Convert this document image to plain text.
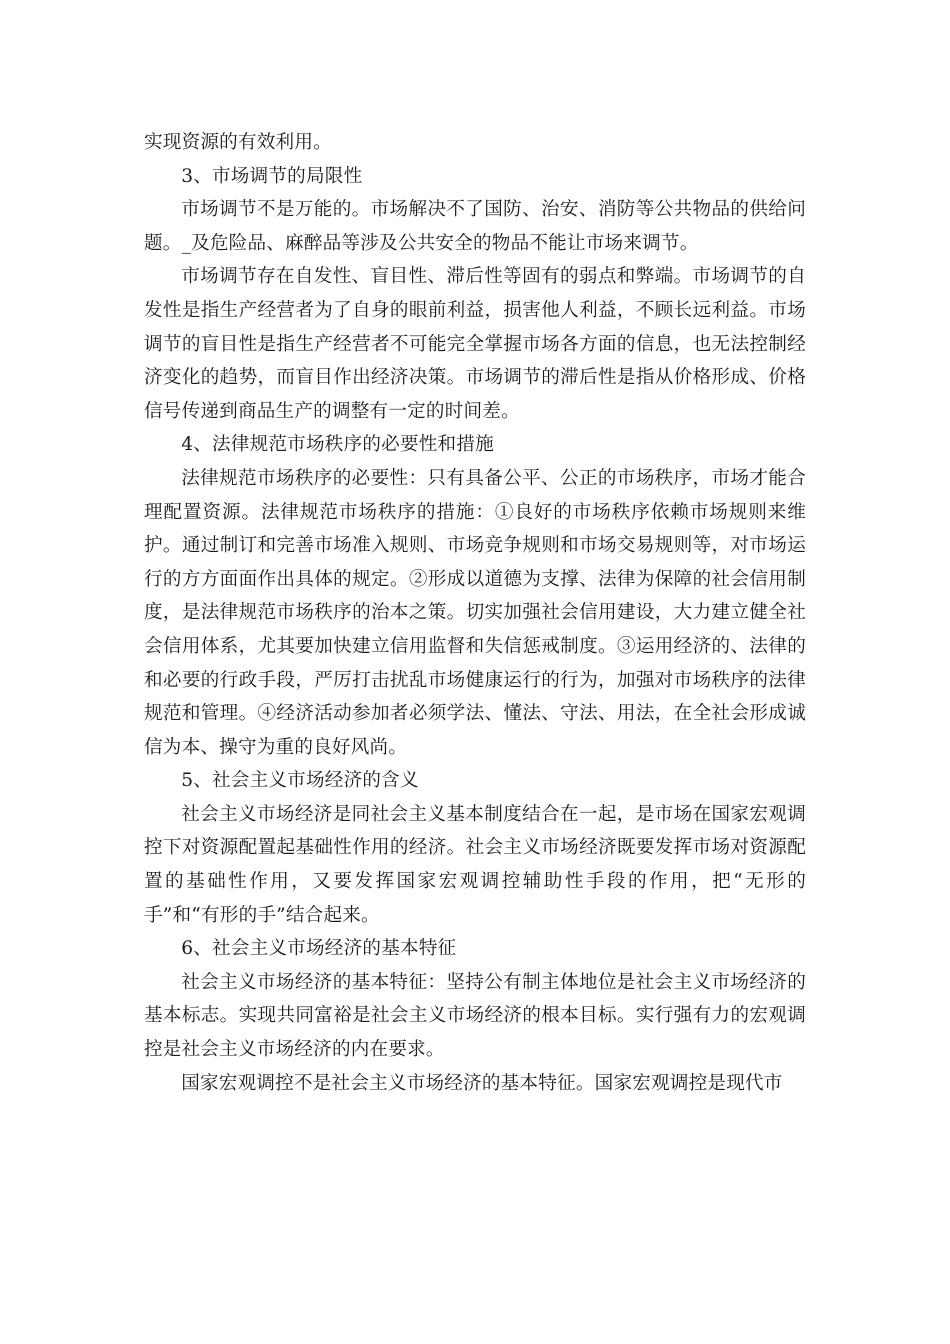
实现资源的有效利用。

3、市场调节的局限性

市场调节不是万能的。市场解决不了国防、治安、消防等公共物品的供给问题。_及危险品、麻醉品等涉及公共安全的物品不能让市场来调节。

市场调节存在自发性、盲目性、滞后性等固有的弱点和弊端。市场调节的自发性是指生产经营者为了自身的眼前利益，损害他人利益，不顾长远利益。市场调节的盲目性是指生产经营者不可能完全掌握市场各方面的信息，也无法控制经济变化的趋势，而盲目作出经济决策。市场调节的滞后性是指从价格形成、价格信号传递到商品生产的调整有一定的时间差。

4、法律规范市场秩序的必要性和措施

法律规范市场秩序的必要性：只有具备公平、公正的市场秩序，市场才能合理配置资源。法律规范市场秩序的措施：①良好的市场秩序依赖市场规则来维护。通过制订和完善市场准入规则、市场竞争规则和市场交易规则等，对市场运行的方方面面作出具体的规定。②形成以道德为支撑、法律为保障的社会信用制度，是法律规范市场秩序的治本之策。切实加强社会信用建设，大力建立健全社会信用体系，尤其要加快建立信用监督和失信惩戒制度。③运用经济的、法律的和必要的行政手段，严厉打击扰乱市场健康运行的行为，加强对市场秩序的法律规范和管理。④经济活动参加者必须学法、懂法、守法、用法，在全社会形成诚信为本、操守为重的良好风尚。

5、社会主义市场经济的含义

社会主义市场经济是同社会主义基本制度结合在一起，是市场在国家宏观调控下对资源配置起基础性作用的经济。社会主义市场经济既要发挥市场对资源配置的基础性作用，又要发挥国家宏观调控辅助性手段的作用，把“无形的手”和“有形的手”结合起来。

6、社会主义市场经济的基本特征

社会主义市场经济的基本特征：坚持公有制主体地位是社会主义市场经济的基本标志。实现共同富裕是社会主义市场经济的根本目标。实行强有力的宏观调控是社会主义市场经济的内在要求。

国家宏观调控不是社会主义市场经济的基本特征。国家宏观调控是现代市
